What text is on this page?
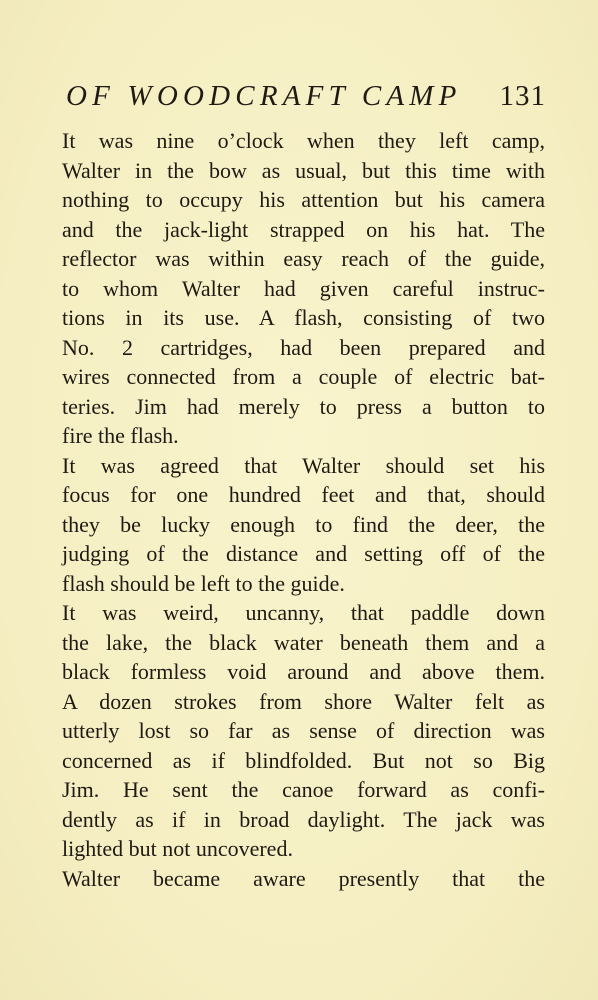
OF WOODCRAFT CAMP 131
It was nine o’clock when they left camp,
Walter in the bow as usual, but this time with
nothing to occupy his attention but his camera
and the jack-light strapped on his hat. The
reflector was within easy reach of the guide,
to whom Walter had given careful instruc-
tions in its use. A flash, consisting of two
No. 2 cartridges, had been prepared and
wires connected from a couple of electric bat-
teries. Jim had merely to press a button to
fire the flash.
It was agreed that Walter should set his
focus for one hundred feet and that, should
they be lucky enough to find the deer, the
judging of the distance and setting off of the
flash should be left to the guide.
It was weird, uncanny, that paddle down
the lake, the black water beneath them and a
black formless void around and above them.
A dozen strokes from shore Walter felt as
utterly lost so far as sense of direction was
concerned as if blindfolded. But not so Big
Jim. He sent the canoe forward as confi-
dently as if in broad daylight. The jack was
lighted but not uncovered.
Walter became aware presently that the
